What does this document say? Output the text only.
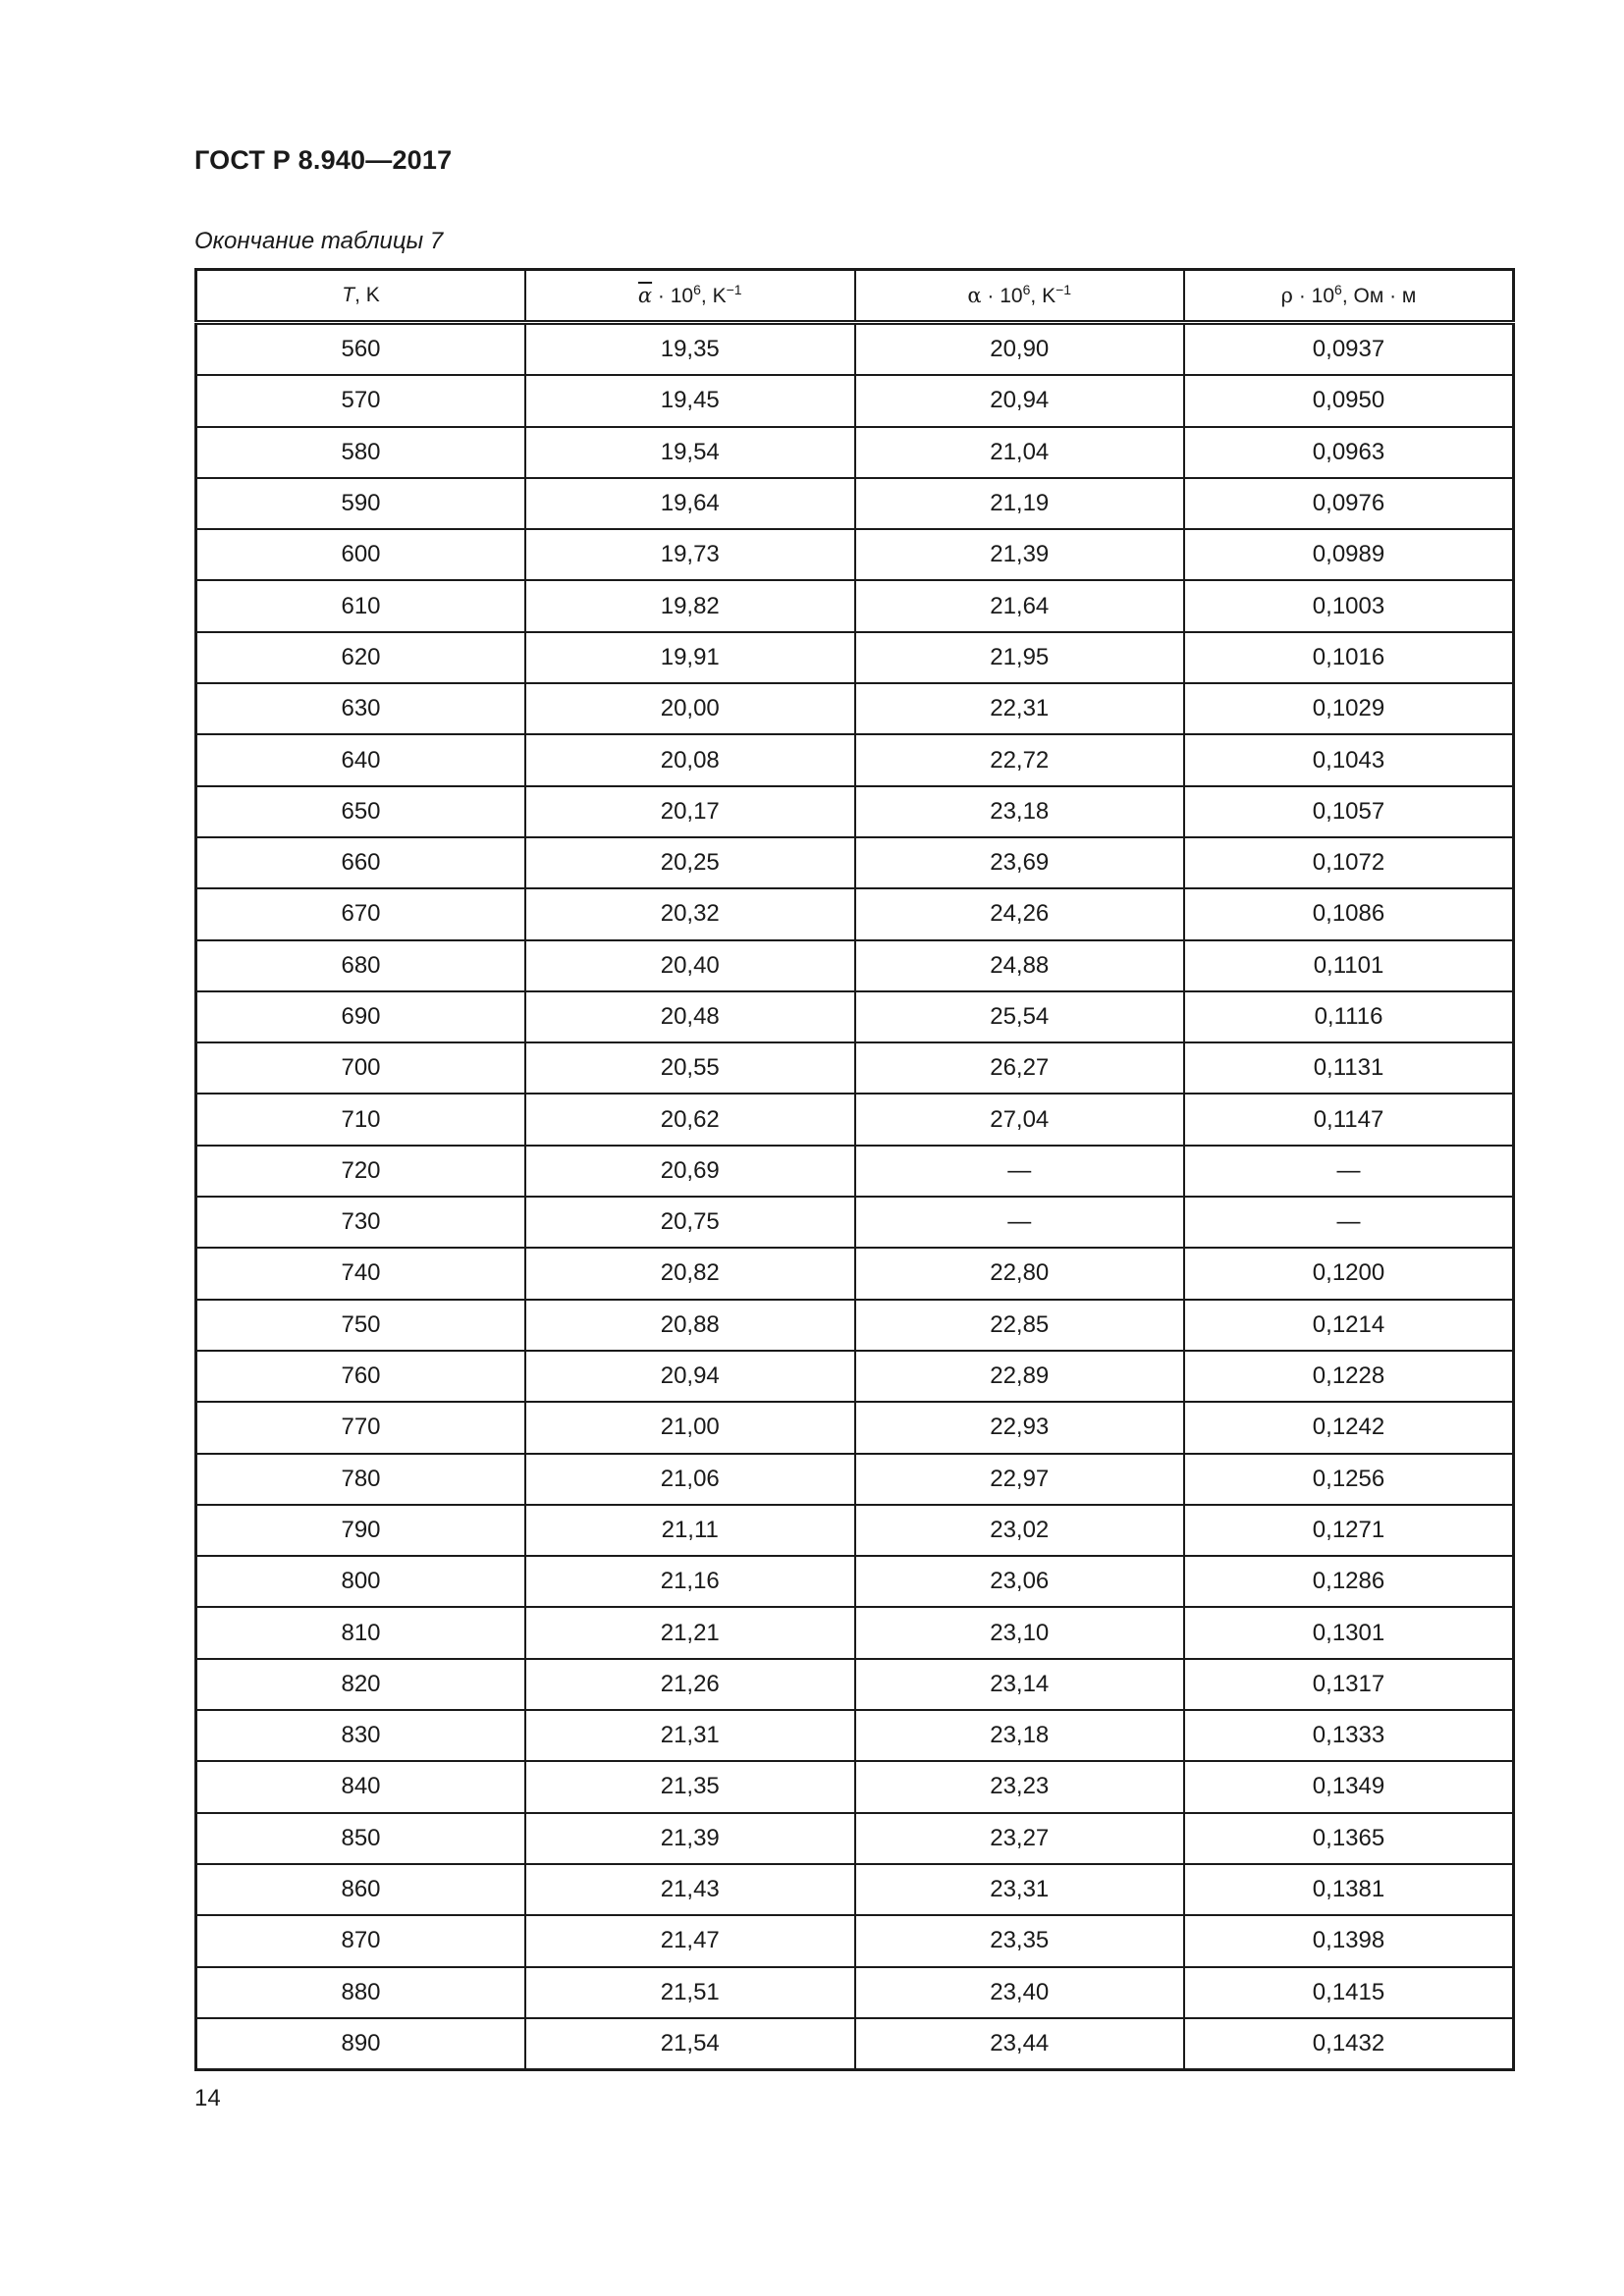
ГОСТ Р 8.940—2017
Окончание таблицы 7
T, K	$\overline{\alpha} \cdot 10^6$, $K^{-1}$	$\alpha \cdot 10^6$, $K^{-1}$	$\rho \cdot 10^6$, Ом · м
560	19,35	20,90	0,0937
570	19,45	20,94	0,0950
580	19,54	21,04	0,0963
590	19,64	21,19	0,0976
600	19,73	21,39	0,0989
610	19,82	21,64	0,1003
620	19,91	21,95	0,1016
630	20,00	22,31	0,1029
640	20,08	22,72	0,1043
650	20,17	23,18	0,1057
660	20,25	23,69	0,1072
670	20,32	24,26	0,1086
680	20,40	24,88	0,1101
690	20,48	25,54	0,1116
700	20,55	26,27	0,1131
710	20,62	27,04	0,1147
720	20,69	—	—
730	20,75	—	—
740	20,82	22,80	0,1200
750	20,88	22,85	0,1214
760	20,94	22,89	0,1228
770	21,00	22,93	0,1242
780	21,06	22,97	0,1256
790	21,11	23,02	0,1271
800	21,16	23,06	0,1286
810	21,21	23,10	0,1301
820	21,26	23,14	0,1317
830	21,31	23,18	0,1333
840	21,35	23,23	0,1349
850	21,39	23,27	0,1365
860	21,43	23,31	0,1381
870	21,47	23,35	0,1398
880	21,51	23,40	0,1415
890	21,54	23,44	0,1432
14
